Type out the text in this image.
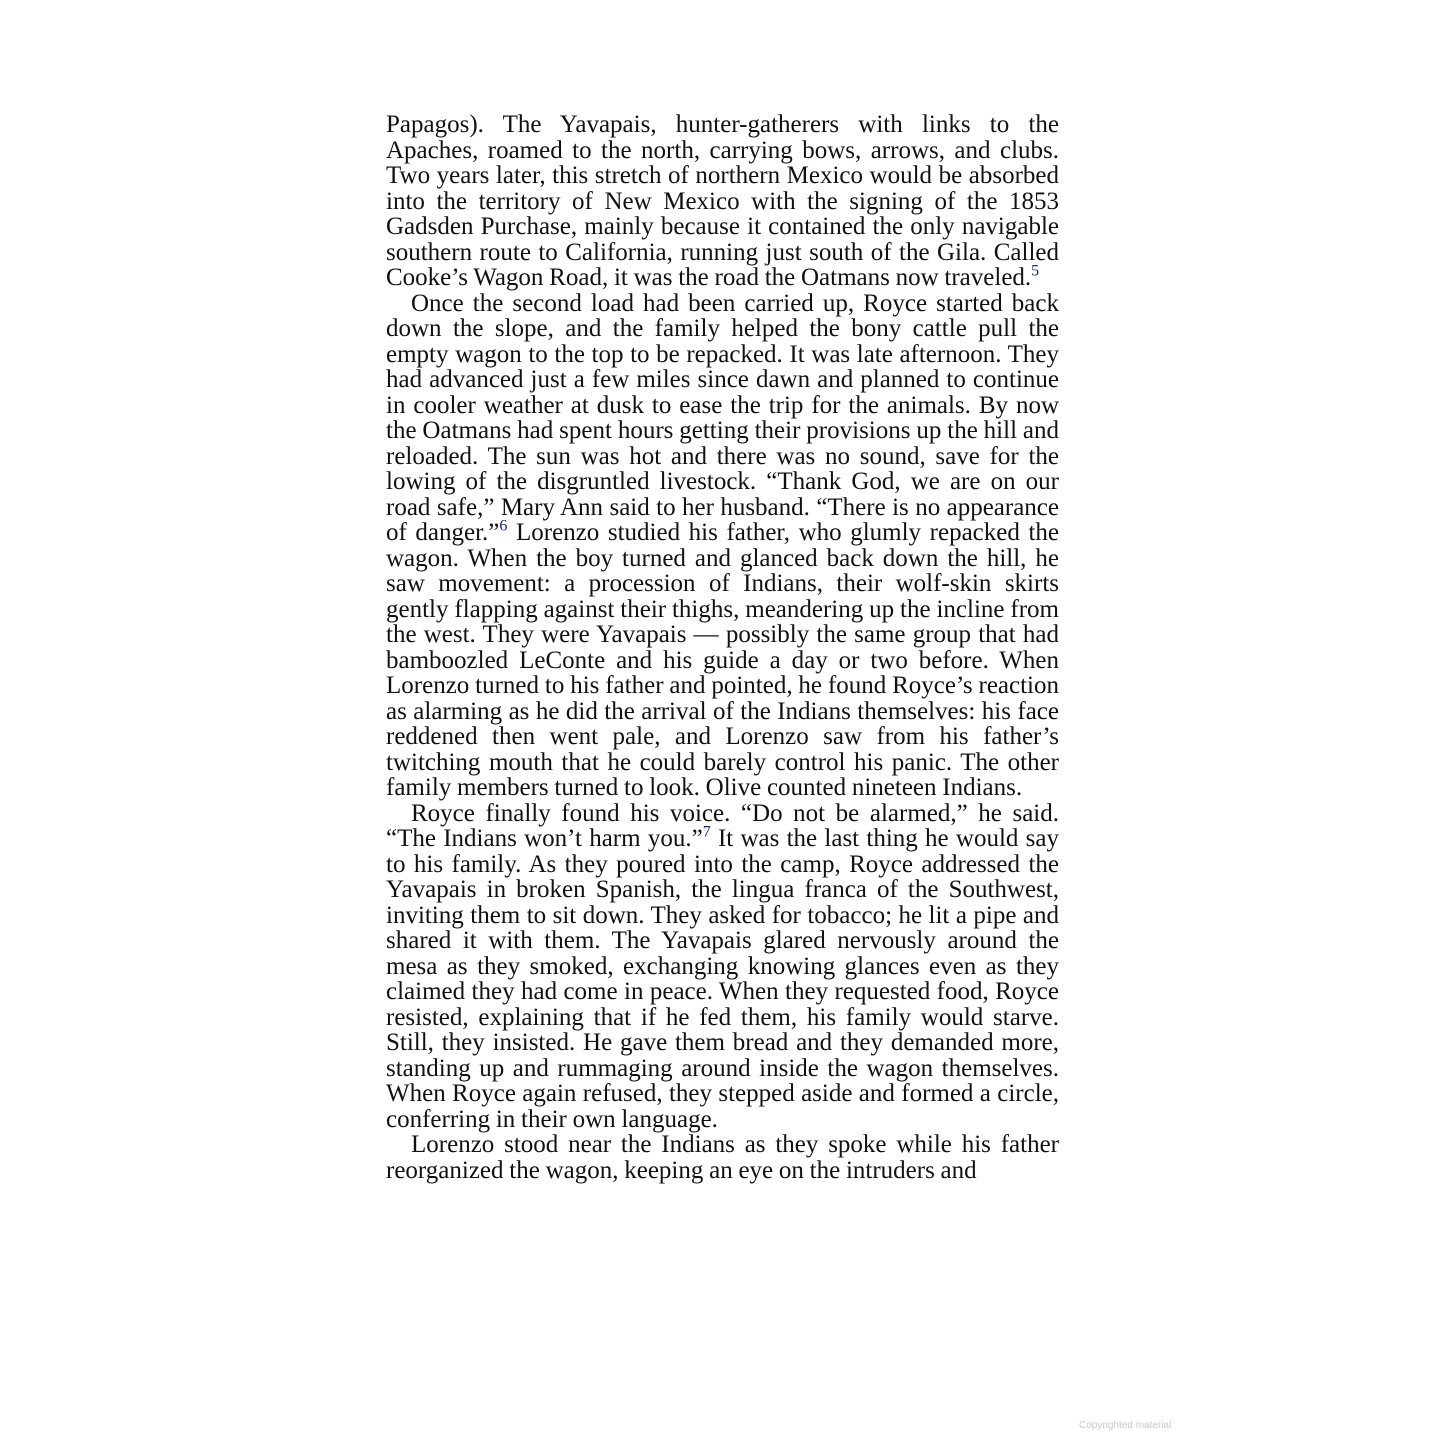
Papagos). The Yavapais, hunter-gatherers with links to the Apaches, roamed to the north, carrying bows, arrows, and clubs. Two years later, this stretch of northern Mexico would be absorbed into the territory of New Mexico with the signing of the 1853 Gadsden Purchase, mainly because it contained the only navigable southern route to California, running just south of the Gila. Called Cooke’s Wagon Road, it was the road the Oatmans now traveled.$^5$

Once the second load had been carried up, Royce started back down the slope, and the family helped the bony cattle pull the empty wagon to the top to be repacked. It was late afternoon. They had advanced just a few miles since dawn and planned to continue in cooler weather at dusk to ease the trip for the animals. By now the Oatmans had spent hours getting their provisions up the hill and reloaded. The sun was hot and there was no sound, save for the lowing of the disgruntled livestock. “Thank God, we are on our road safe,” Mary Ann said to her husband. “There is no appearance of danger.”$^6$ Lorenzo studied his father, who glumly repacked the wagon. When the boy turned and glanced back down the hill, he saw movement: a procession of Indians, their wolf-skin skirts gently flapping against their thighs, meandering up the incline from the west. They were Yavapais — possibly the same group that had bamboozled LeConte and his guide a day or two before. When Lorenzo turned to his father and pointed, he found Royce’s reaction as alarming as he did the arrival of the Indians themselves: his face reddened then went pale, and Lorenzo saw from his father’s twitching mouth that he could barely control his panic. The other family members turned to look. Olive counted nineteen Indians.

Royce finally found his voice. “Do not be alarmed,” he said. “The Indians won’t harm you.”$^7$ It was the last thing he would say to his family. As they poured into the camp, Royce addressed the Yavapais in broken Spanish, the lingua franca of the Southwest, inviting them to sit down. They asked for tobacco; he lit a pipe and shared it with them. The Yavapais glared nervously around the mesa as they smoked, exchanging knowing glances even as they claimed they had come in peace. When they requested food, Royce resisted, explaining that if he fed them, his family would starve. Still, they insisted. He gave them bread and they demanded more, standing up and rummaging around inside the wagon themselves. When Royce again refused, they stepped aside and formed a circle, conferring in their own language.

Lorenzo stood near the Indians as they spoke while his father reorganized the wagon, keeping an eye on the intruders and

Copyrighted material
